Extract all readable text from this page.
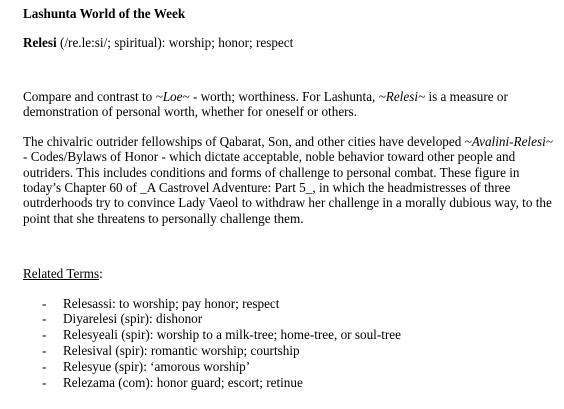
Lashunta World of the Week
Relesi (/re.le:si/; spiritual): worship; honor; respect
Compare and contrast to ~Loe~ - worth; worthiness. For Lashunta, ~Relesi~ is a measure or demonstration of personal worth, whether for oneself or others.
The chivalric outrider fellowships of Qabarat, Son, and other cities have developed ~Avalini-Relesi~ - Codes/Bylaws of Honor - which dictate acceptable, noble behavior toward other people and outriders. This includes conditions and forms of challenge to personal combat. These figure in today’s Chapter 60 of _A Castrovel Adventure: Part 5_, in which the headmistresses of three outrderhoods try to convince Lady Vaeol to withdraw her challenge in a morally dubious way, to the point that she threatens to personally challenge them.
Related Terms:
- Relesassi: to worship; pay honor; respect
- Diyarelesi (spir): dishonor
- Relesyeali (spir): worship to a milk-tree; home-tree, or soul-tree
- Relesival (spir): romantic worship; courtship
- Relesyue (spir): ‘amorous worship’
- Relezama (com): honor guard; escort; retinue
